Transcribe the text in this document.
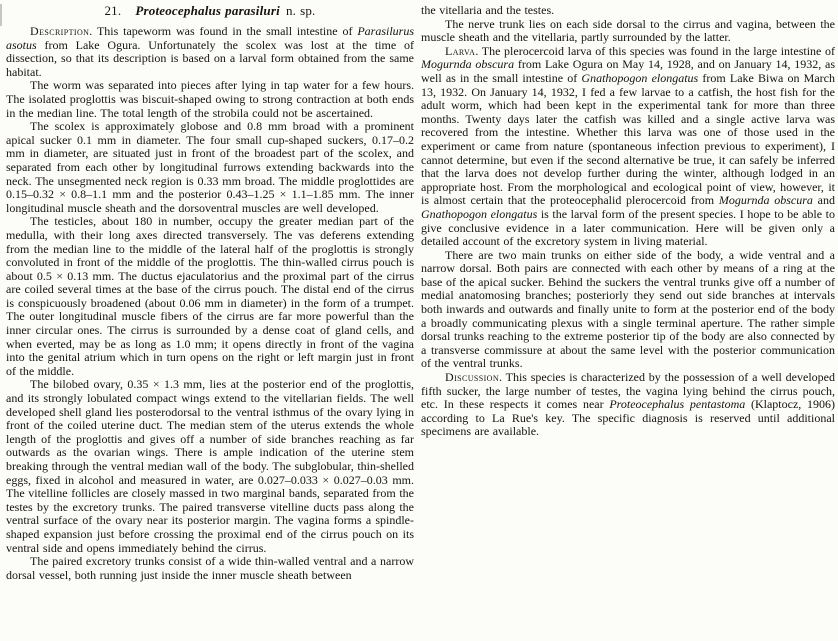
21. Proteocephalus parasiluri n. sp.

Description. This tapeworm was found in the small intestine of Parasilurus asotus from Lake Ogura. Unfortunately the scolex was lost at the time of dissection, so that its description is based on a larval form obtained from the same habitat.

The worm was separated into pieces after lying in tap water for a few hours. The isolated proglottis was biscuit-shaped owing to strong contraction at both ends in the median line. The total length of the strobila could not be ascertained.

The scolex is approximately globose and 0.8 mm broad with a prominent apical sucker 0.1 mm in diameter. The four small cup-shaped suckers, 0.17–0.2 mm in diameter, are situated just in front of the broadest part of the scolex, and separated from each other by longitudinal furrows extending backwards into the neck. The unsegmented neck region is 0.33 mm broad. The middle proglottides are 0.15–0.32 × 0.8–1.1 mm and the posterior 0.43–1.25 × 1.1–1.85 mm. The inner longitudinal muscle sheath and the dorsoventral muscles are well developed.

The testicles, about 180 in number, occupy the greater median part of the medulla, with their long axes directed transversely. The vas deferens extending from the median line to the middle of the lateral half of the proglottis is strongly convoluted in front of the middle of the proglottis. The thin-walled cirrus pouch is about 0.5 × 0.13 mm. The ductus ejaculatorius and the proximal part of the cirrus are coiled several times at the base of the cirrus pouch. The distal end of the cirrus is conspicuously broadened (about 0.06 mm in diameter) in the form of a trumpet. The outer longitudinal muscle fibers of the cirrus are far more powerful than the inner circular ones. The cirrus is surrounded by a dense coat of gland cells, and when everted, may be as long as 1.0 mm; it opens directly in front of the vagina into the genital atrium which in turn opens on the right or left margin just in front of the middle.

The bilobed ovary, 0.35 × 1.3 mm, lies at the posterior end of the proglottis, and its strongly lobulated compact wings extend to the vitellarian fields. The well developed shell gland lies posterodorsal to the ventral isthmus of the ovary lying in front of the coiled uterine duct. The median stem of the uterus extends the whole length of the proglottis and gives off a number of side branches reaching as far outwards as the ovarian wings. There is ample indication of the uterine stem breaking through the ventral median wall of the body. The subglobular, thin-shelled eggs, fixed in alcohol and measured in water, are 0.027–0.033 × 0.027–0.03 mm. The vitelline follicles are closely massed in two marginal bands, separated from the testes by the excretory trunks. The paired transverse vitelline ducts pass along the ventral surface of the ovary near its posterior margin. The vagina forms a spindle-shaped expansion just before crossing the proximal end of the cirrus pouch on its ventral side and opens immediately behind the cirrus.

The paired excretory trunks consist of a wide thin-walled ventral and a narrow dorsal vessel, both running just inside the inner muscle sheath between

the vitellaria and the testes.

The nerve trunk lies on each side dorsal to the cirrus and vagina, between the muscle sheath and the vitellaria, partly surrounded by the latter.

Larva. The plerocercoid larva of this species was found in the large intestine of Mogurnda obscura from Lake Ogura on May 14, 1928, and on January 14, 1932, as well as in the small intestine of Gnathopogon elongatus from Lake Biwa on March 13, 1932. On January 14, 1932, I fed a few larvae to a catfish, the host fish for the adult worm, which had been kept in the experimental tank for more than three months. Twenty days later the catfish was killed and a single active larva was recovered from the intestine. Whether this larva was one of those used in the experiment or came from nature (spontaneous infection previous to experiment), I cannot determine, but even if the second alternative be true, it can safely be inferred that the larva does not develop further during the winter, although lodged in an appropriate host. From the morphological and ecological point of view, however, it is almost certain that the proteocephalid plerocercoid from Mogurnda obscura and Gnathopogon elongatus is the larval form of the present species. I hope to be able to give conclusive evidence in a later communication. Here will be given only a detailed account of the excretory system in living material.

There are two main trunks on either side of the body, a wide ventral and a narrow dorsal. Both pairs are connected with each other by means of a ring at the base of the apical sucker. Behind the suckers the ventral trunks give off a number of medial anatomosing branches; posteriorly they send out side branches at intervals both inwards and outwards and finally unite to form at the posterior end of the body a broadly communicating plexus with a single terminal aperture. The rather simple dorsal trunks reaching to the extreme posterior tip of the body are also connected by a transverse commissure at about the same level with the posterior communication of the ventral trunks.

Discussion. This species is characterized by the possession of a well developed fifth sucker, the large number of testes, the vagina lying behind the cirrus pouch, etc. In these respects it comes near Proteocephalus pentastoma (Klaptocz, 1906) according to La Rue's key. The specific diagnosis is reserved until additional specimens are available.
